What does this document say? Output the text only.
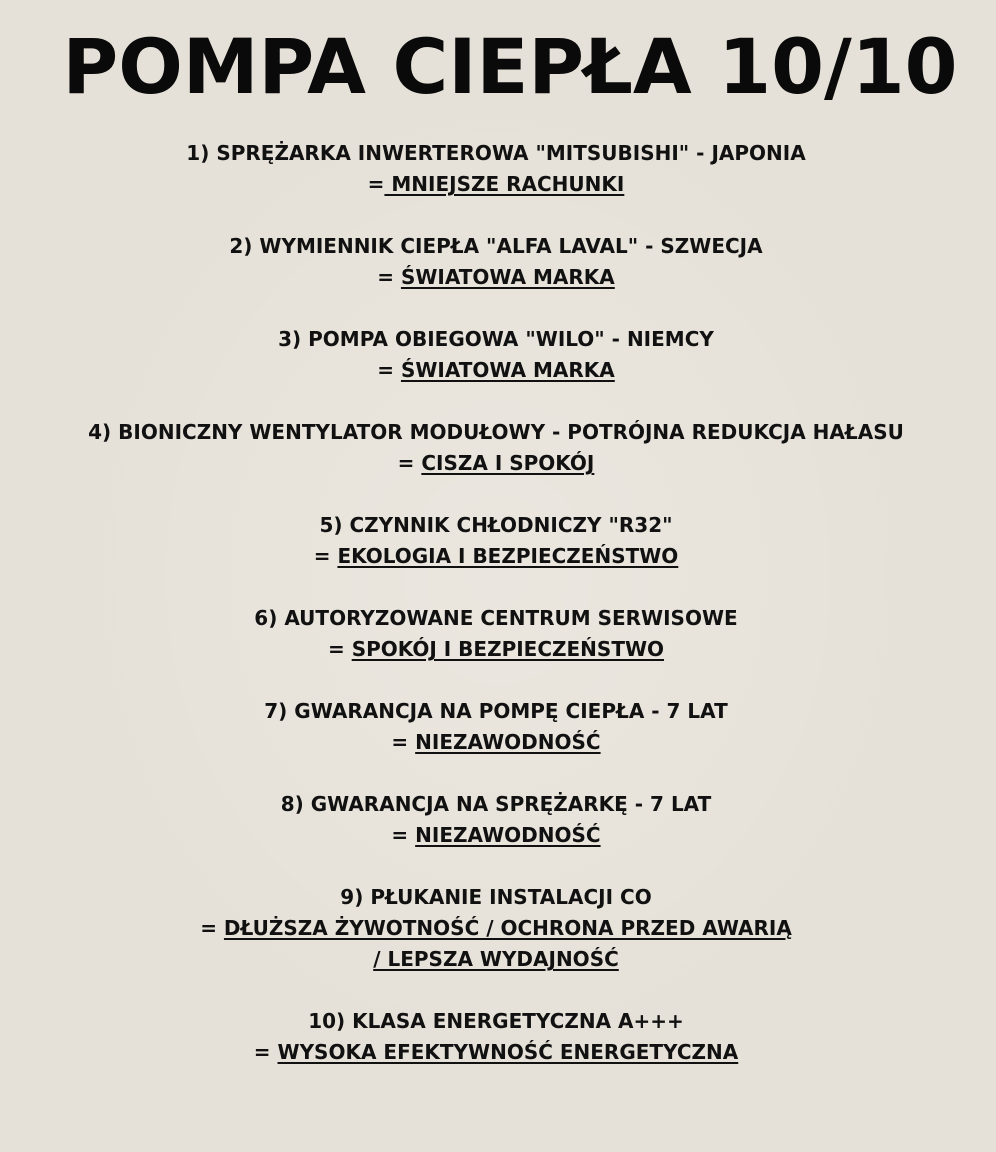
POMPA CIEPŁA 10/10
1) SPRĘŻARKA INWERTEROWA "MITSUBISHI" - JAPONIA
= MNIEJSZE RACHUNKI
2) WYMIENNIK CIEPŁA "ALFA LAVAL" - SZWECJA
= ŚWIATOWA MARKA
3) POMPA OBIEGOWA "WILO" - NIEMCY
= ŚWIATOWA MARKA
4) BIONICZNY WENTYLATOR MODUŁOWY - POTRÓJNA REDUKCJA HAŁASU
= CISZA I SPOKÓJ
5) CZYNNIK CHŁODNICZY "R32"
= EKOLOGIA I BEZPIECZEŃSTWO
6) AUTORYZOWANE CENTRUM SERWISOWE
= SPOKÓJ I BEZPIECZEŃSTWO
7) GWARANCJA NA POMPĘ CIEPŁA - 7 LAT
= NIEZAWODNOŚĆ
8) GWARANCJA NA SPRĘŻARKĘ - 7 LAT
= NIEZAWODNOŚĆ
9) PŁUKANIE INSTALACJI CO
= DŁUŻSZA ŻYWOTNOŚĆ / OCHRONA PRZED AWARIĄ
/ LEPSZA WYDAJNOŚĆ
10) KLASA ENERGETYCZNA A+++
= WYSOKA EFEKTYWNOŚĆ ENERGETYCZNA
